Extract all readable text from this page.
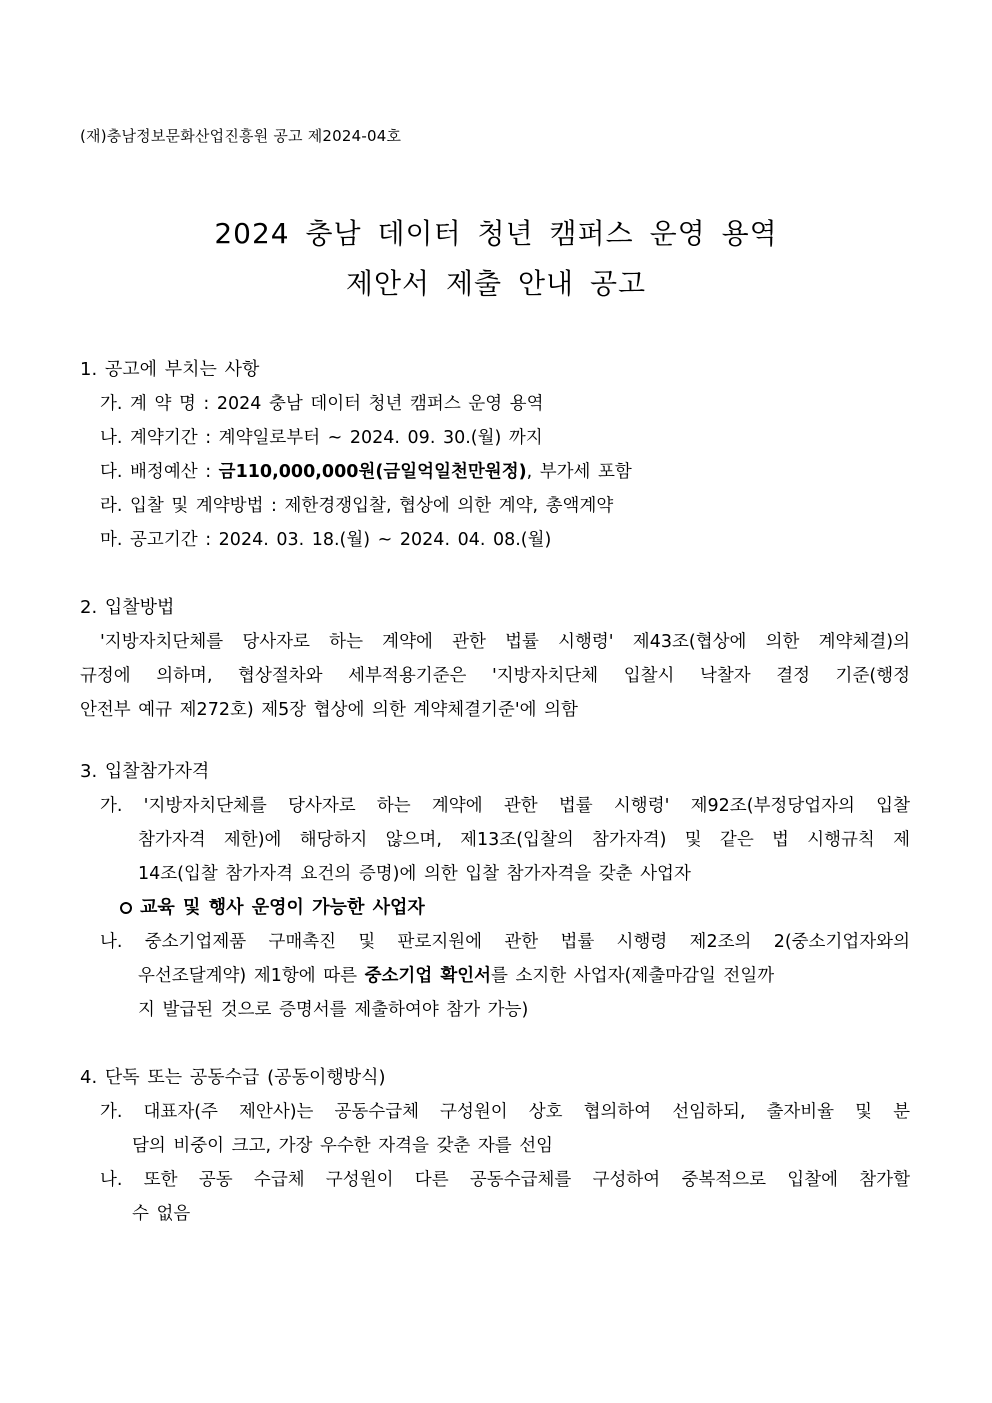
(재)충남정보문화산업진흥원 공고 제2024-04호
2024 충남 데이터 청년 캠퍼스 운영 용역
제안서 제출 안내 공고
1. 공고에 부치는 사항
가. 계 약 명 : 2024 충남 데이터 청년 캠퍼스 운영 용역
나. 계약기간 : 계약일로부터 ~ 2024. 09. 30.(월) 까지
다. 배정예산 : 금110,000,000원(금일억일천만원정), 부가세 포함
라. 입찰 및 계약방법 : 제한경쟁입찰, 협상에 의한 계약, 총액계약
마. 공고기간 : 2024. 03. 18.(월) ~ 2024. 04. 08.(월)
2. 입찰방법
'지방자치단체를 당사자로 하는 계약에 관한 법률 시행령' 제43조(협상에 의한 계약체결)의
규정에 의하며, 협상절차와 세부적용기준은 '지방자치단체 입찰시 낙찰자 결정 기준(행정
안전부 예규 제272호) 제5장 협상에 의한 계약체결기준'에 의함
3. 입찰참가자격
가. '지방자치단체를 당사자로 하는 계약에 관한 법률 시행령' 제92조(부정당업자의 입찰
참가자격 제한)에 해당하지 않으며, 제13조(입찰의 참가자격) 및 같은 법 시행규칙 제
14조(입찰 참가자격 요건의 증명)에 의한 입찰 참가자격을 갖춘 사업자
교육 및 행사 운영이 가능한 사업자
나. 중소기업제품 구매촉진 및 판로지원에 관한 법률 시행령 제2조의 2(중소기업자와의
우선조달계약) 제1항에 따른 중소기업 확인서를 소지한 사업자(제출마감일 전일까
지 발급된 것으로 증명서를 제출하여야 참가 가능)
4. 단독 또는 공동수급 (공동이행방식)
가. 대표자(주 제안사)는 공동수급체 구성원이 상호 협의하여 선임하되, 출자비율 및 분
담의 비중이 크고, 가장 우수한 자격을 갖춘 자를 선임
나. 또한 공동 수급체 구성원이 다른 공동수급체를 구성하여 중복적으로 입찰에 참가할
수 없음
